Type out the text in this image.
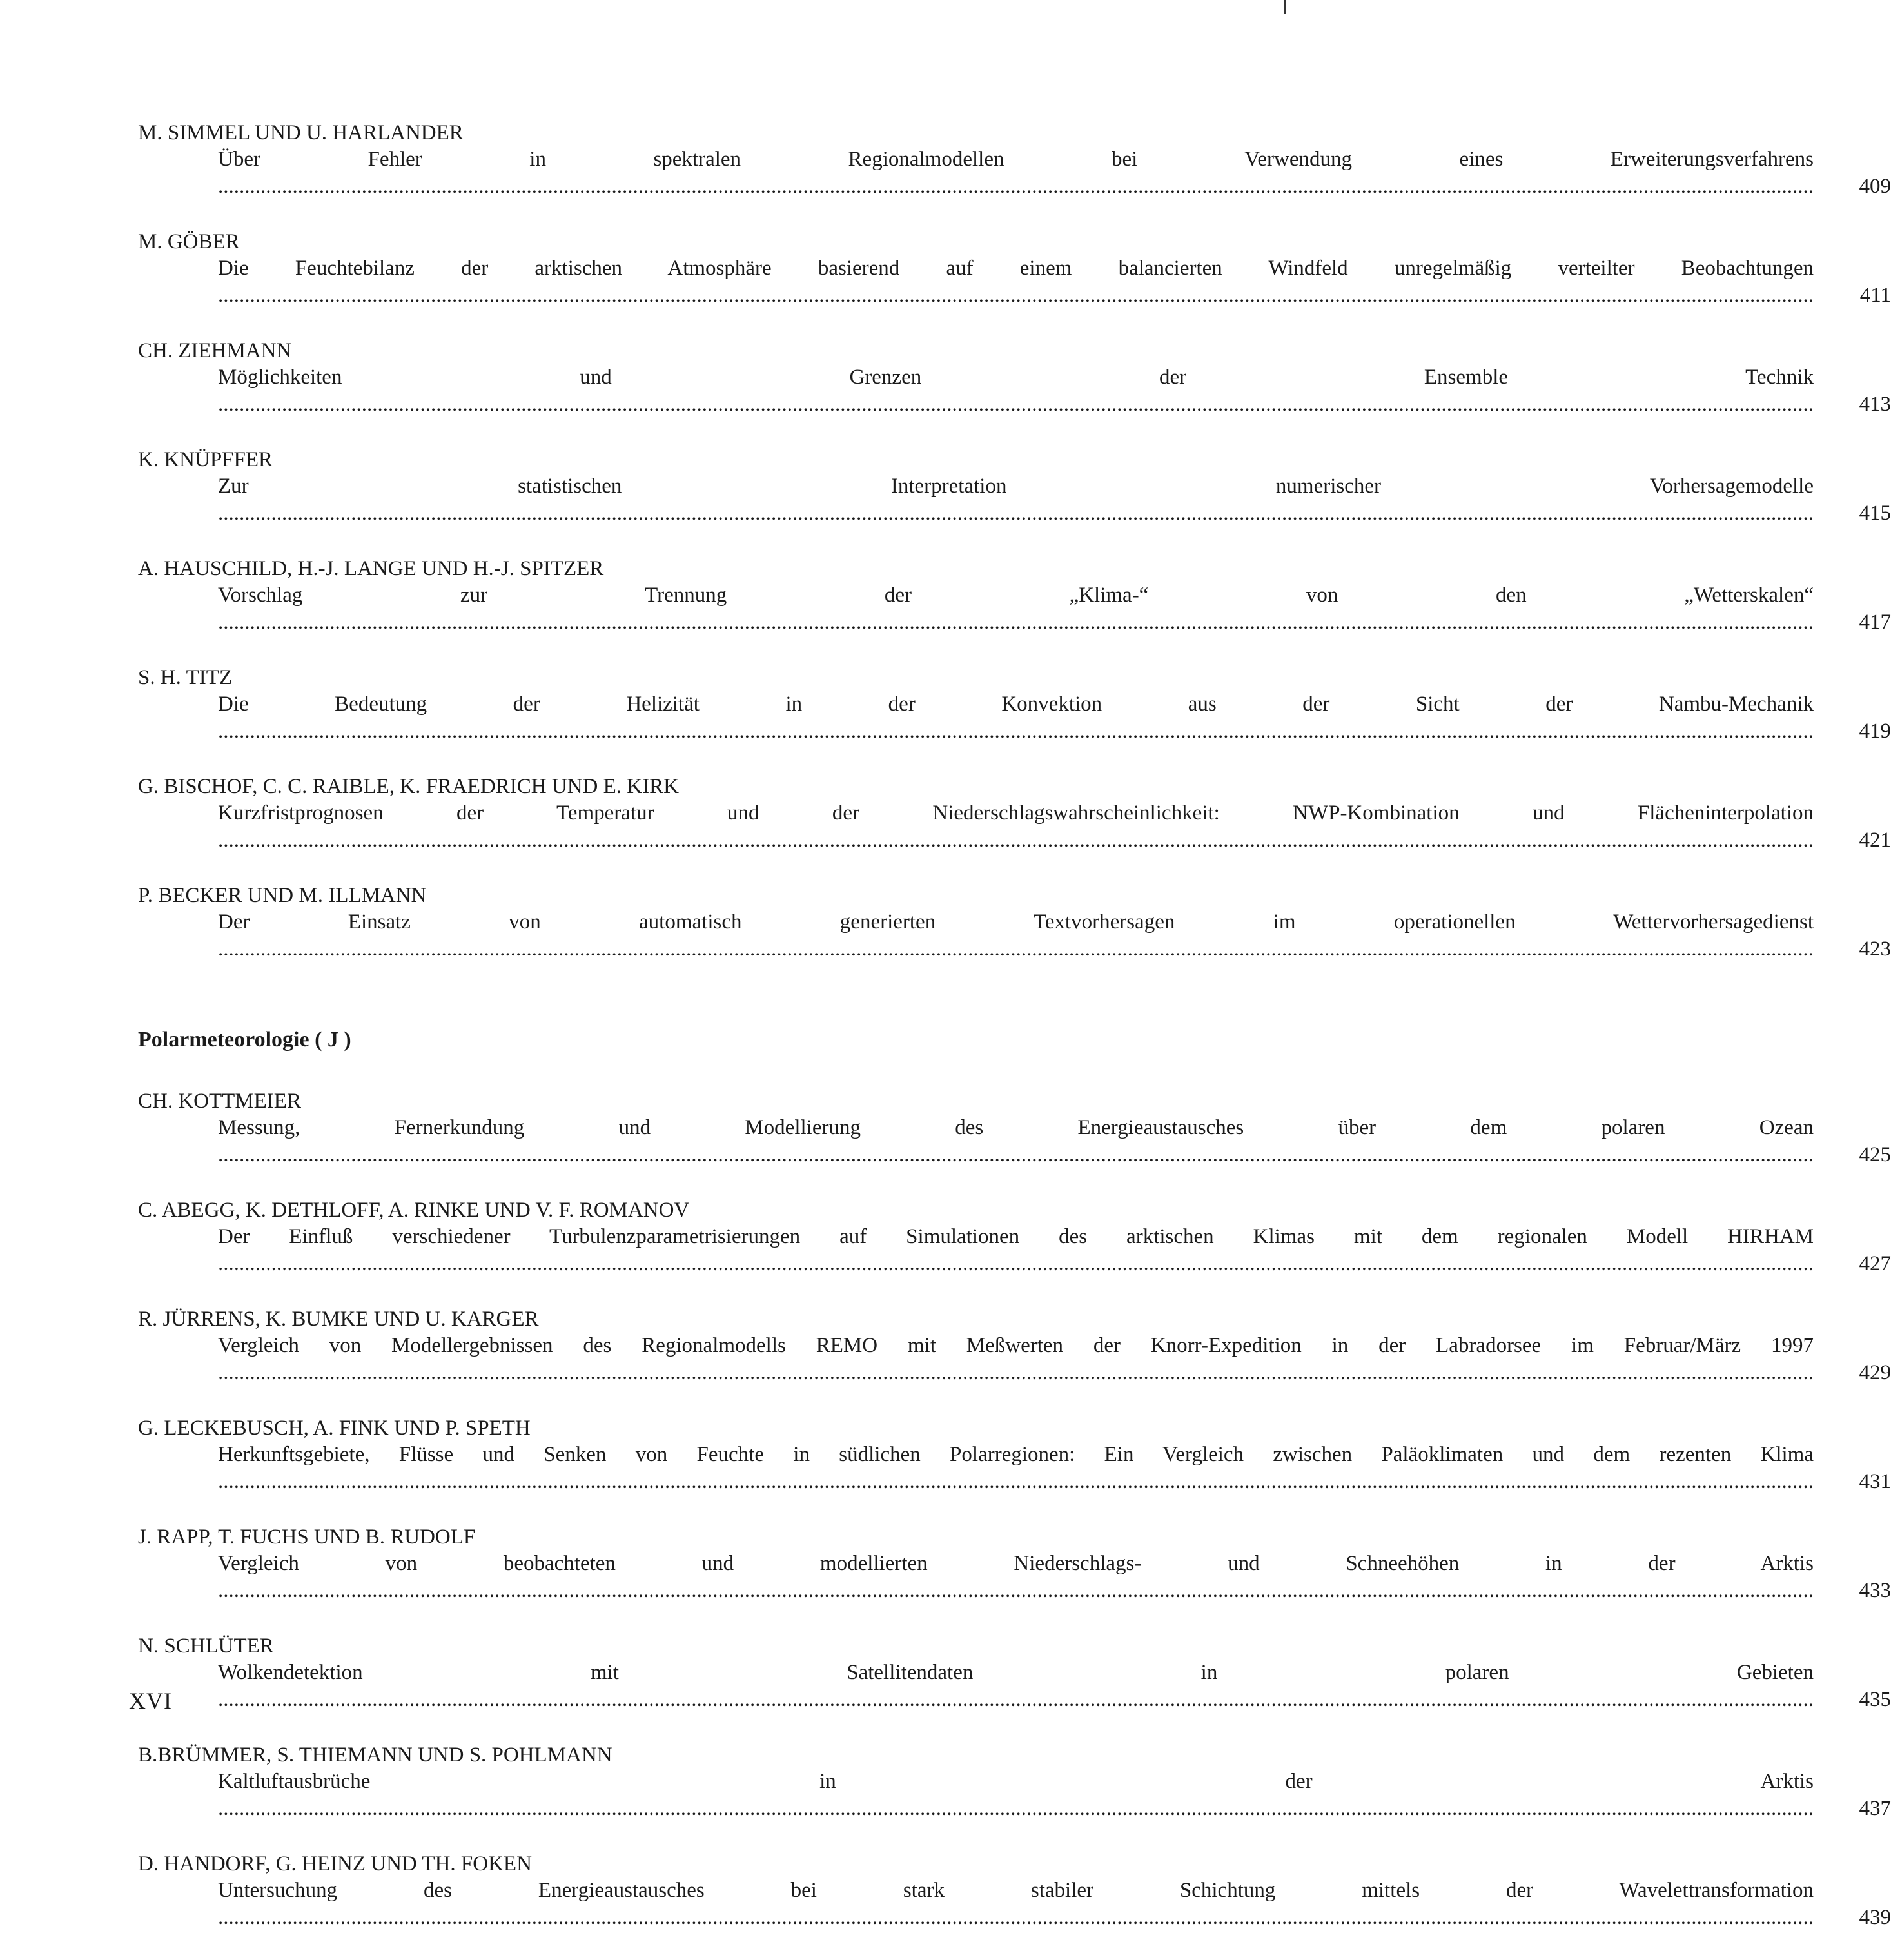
M. SIMMEL UND U. HARLANDER
Über Fehler in spektralen Regionalmodellen bei Verwendung eines Erweiterungsverfahrens ............................................................................................................................................................................................................................................................................................................	409
M. GÖBER
Die Feuchtebilanz der arktischen Atmosphäre basierend auf einem balancierten Windfeld unregelmäßig verteilter Beobachtungen ............................................................................................................................................................................................................................................................................................................	411
CH. ZIEHMANN
Möglichkeiten und Grenzen der Ensemble Technik ............................................................................................................................................................................................................................................................................................................	413
K. KNÜPFFER
Zur statistischen Interpretation numerischer Vorhersagemodelle ............................................................................................................................................................................................................................................................................................................	415
A. HAUSCHILD, H.-J. LANGE UND H.-J. SPITZER
Vorschlag zur Trennung der „Klima-“ von den „Wetterskalen“ ............................................................................................................................................................................................................................................................................................................	417
S. H. TITZ
Die Bedeutung der Helizität in der Konvektion aus der Sicht der Nambu-Mechanik ............................................................................................................................................................................................................................................................................................................	419
G. BISCHOF, C. C. RAIBLE, K. FRAEDRICH UND E. KIRK
Kurzfristprognosen der Temperatur und der Niederschlagswahrscheinlichkeit: NWP-Kombination und Flächeninterpolation ............................................................................................................................................................................................................................................................................................................	421
P. BECKER UND M. ILLMANN
Der Einsatz von automatisch generierten Textvorhersagen im operationellen Wettervorhersagedienst ............................................................................................................................................................................................................................................................................................................	423
Polarmeteorologie ( J )
CH. KOTTMEIER
Messung, Fernerkundung und Modellierung des Energieaustausches über dem polaren Ozean ............................................................................................................................................................................................................................................................................................................	425
C. ABEGG, K. DETHLOFF, A. RINKE UND V. F. ROMANOV
Der Einfluß verschiedener Turbulenzparametrisierungen auf Simulationen des arktischen Klimas mit dem regionalen Modell HIRHAM ............................................................................................................................................................................................................................................................................................................	427
R. JÜRRENS, K. BUMKE UND U. KARGER
Vergleich von Modellergebnissen des Regionalmodells REMO mit Meßwerten der Knorr-Expedition in der Labradorsee im Februar/März 1997 ............................................................................................................................................................................................................................................................................................................	429
G. LECKEBUSCH, A. FINK UND P. SPETH
Herkunftsgebiete, Flüsse und Senken von Feuchte in südlichen Polarregionen: Ein Vergleich zwischen Paläoklimaten und dem rezenten Klima ............................................................................................................................................................................................................................................................................................................	431
J. RAPP, T. FUCHS UND B. RUDOLF
Vergleich von beobachteten und modellierten Niederschlags- und Schneehöhen in der Arktis ............................................................................................................................................................................................................................................................................................................	433
N. SCHLÜTER
Wolkendetektion mit Satellitendaten in polaren Gebieten ............................................................................................................................................................................................................................................................................................................	435
B.BRÜMMER, S. THIEMANN UND S. POHLMANN
Kaltluftausbrüche in der Arktis ............................................................................................................................................................................................................................................................................................................	437
D. HANDORF, G. HEINZ UND TH. FOKEN
Untersuchung des Energieaustausches bei stark stabiler Schichtung mittels der Wavelettransformation ............................................................................................................................................................................................................................................................................................................	439
XVI
